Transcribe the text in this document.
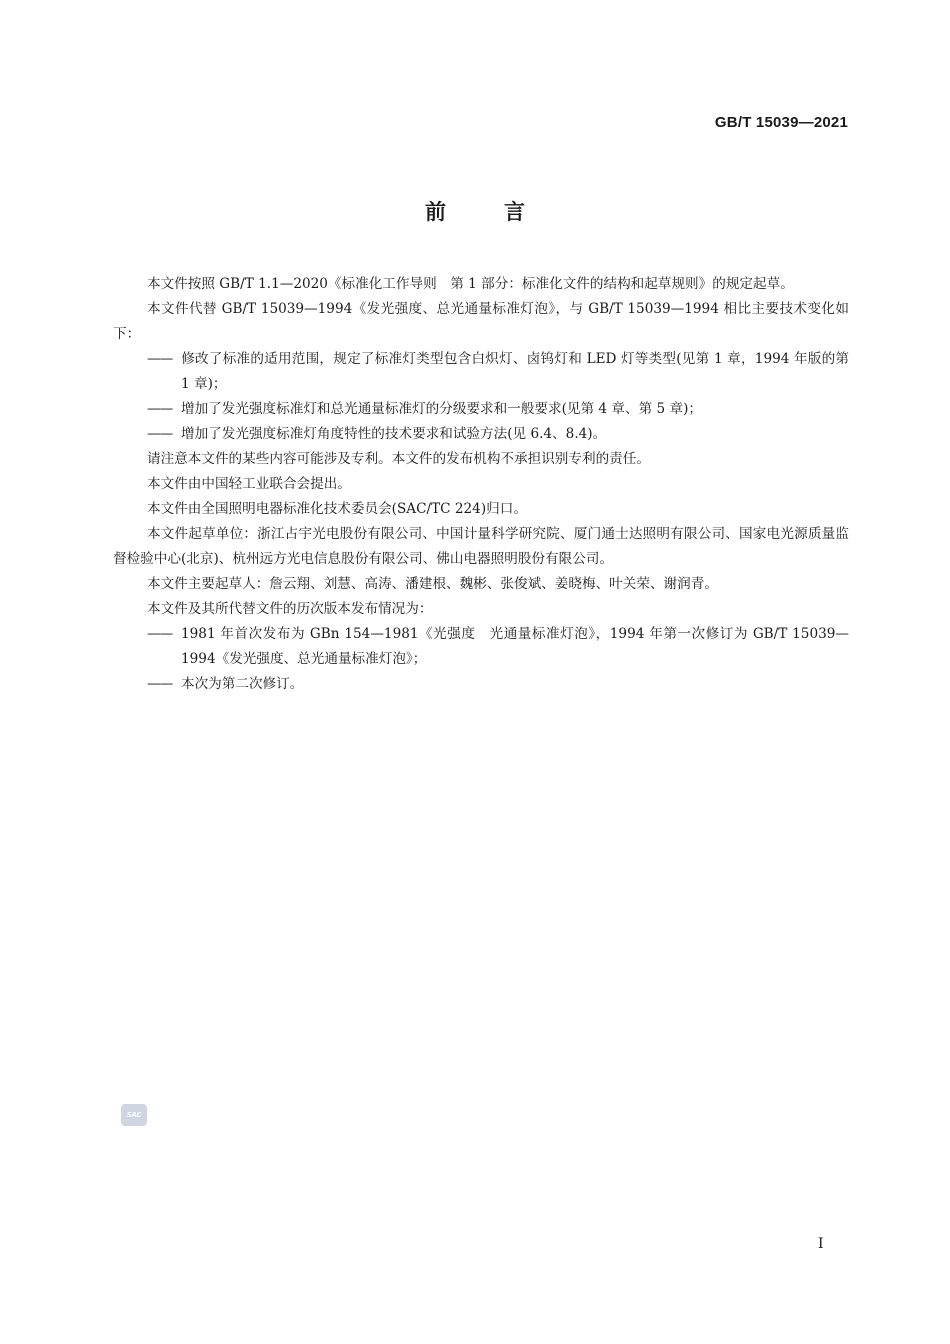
GB/T 15039—2021
前言

本文件按照 GB/T 1.1—2020《标准化工作导则　第 1 部分：标准化文件的结构和起草规则》的规定起草。

本文件代替 GB/T 15039—1994《发光强度、总光通量标准灯泡》，与 GB/T 15039—1994 相比主要技术变化如下：

—— 修改了标准的适用范围，规定了标准灯类型包含白炽灯、卤钨灯和 LED 灯等类型(见第 1 章，1994 年版的第 1 章)；

—— 增加了发光强度标准灯和总光通量标准灯的分级要求和一般要求(见第 4 章、第 5 章)；

—— 增加了发光强度标准灯角度特性的技术要求和试验方法(见 6.4、8.4)。

请注意本文件的某些内容可能涉及专利。本文件的发布机构不承担识别专利的责任。

本文件由中国轻工业联合会提出。

本文件由全国照明电器标准化技术委员会(SAC/TC 224)归口。

本文件起草单位：浙江占宇光电股份有限公司、中国计量科学研究院、厦门通士达照明有限公司、国家电光源质量监督检验中心(北京)、杭州远方光电信息股份有限公司、佛山电器照明股份有限公司。

本文件主要起草人：詹云翔、刘慧、高涛、潘建根、魏彬、张俊斌、姜晓梅、叶关荣、谢润青。

本文件及其所代替文件的历次版本发布情况为：

—— 1981 年首次发布为 GBn 154—1981《光强度　光通量标准灯泡》，1994 年第一次修订为 GB/T 15039—1994《发光强度、总光通量标准灯泡》；

—— 本次为第二次修订。

SAC
I
